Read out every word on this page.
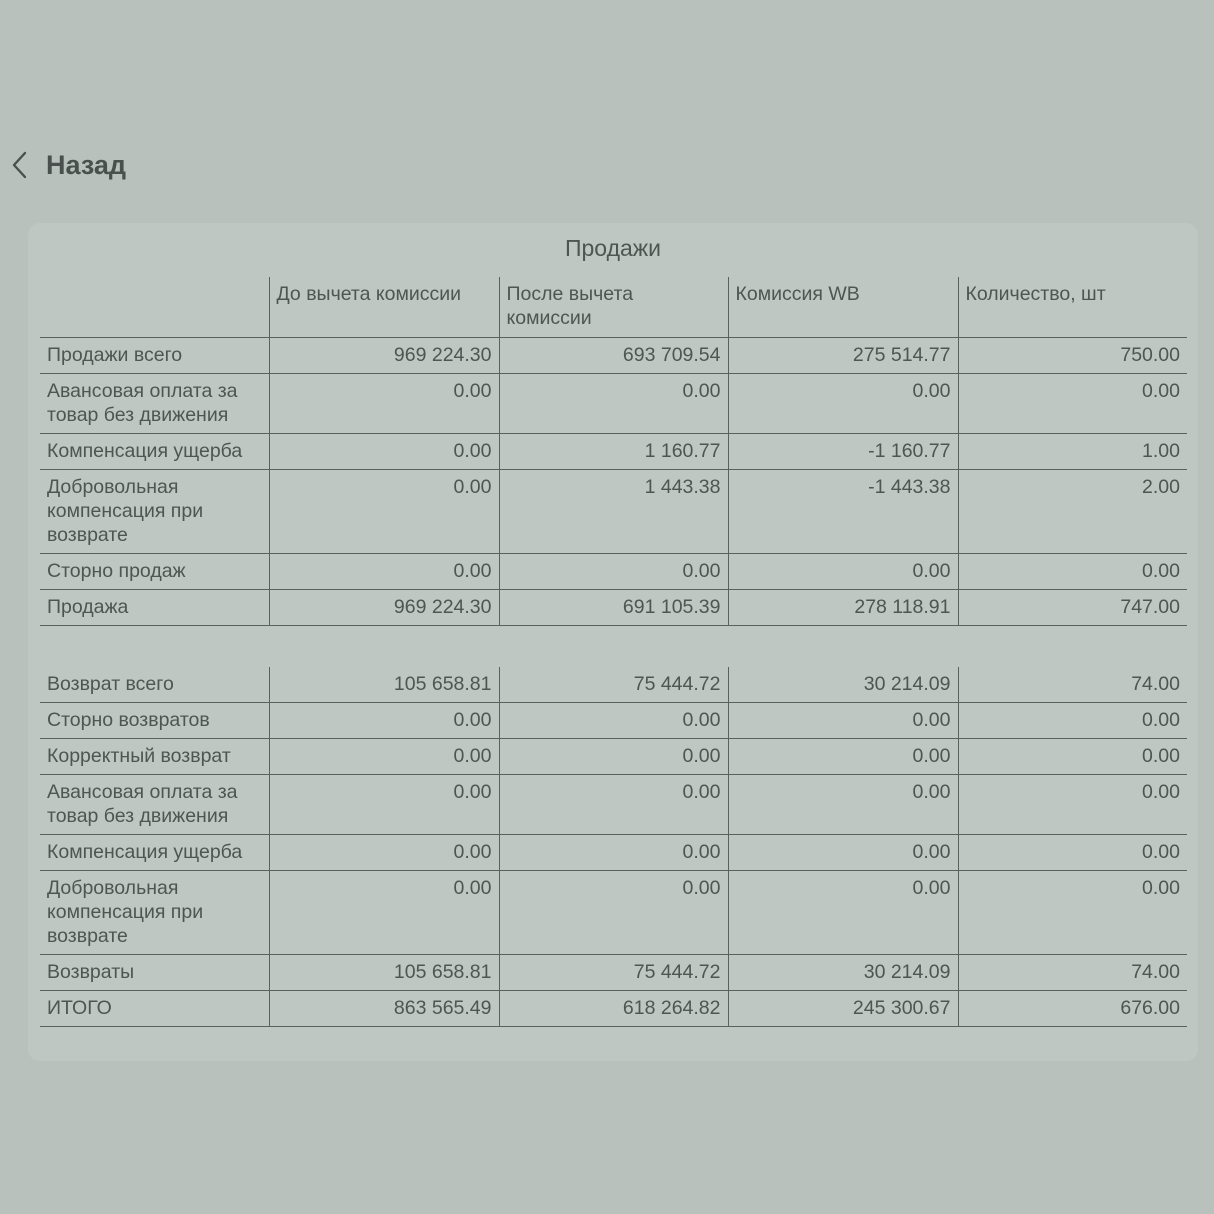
Назад
Продажи
	До вычета комиссии	После вычета комиссии	Комиссия WB	Количество, шт
Продажи всего	969 224.30	693 709.54	275 514.77	750.00
Авансовая оплата за товар без движения	0.00	0.00	0.00	0.00
Компенсация ущерба	0.00	1 160.77	-1 160.77	1.00
Добровольная компенсация при возврате	0.00	1 443.38	-1 443.38	2.00
Сторно продаж	0.00	0.00	0.00	0.00
Продажа	969 224.30	691 105.39	278 118.91	747.00
Возврат всего	105 658.81	75 444.72	30 214.09	74.00
Сторно возвратов	0.00	0.00	0.00	0.00
Корректный возврат	0.00	0.00	0.00	0.00
Авансовая оплата за товар без движения	0.00	0.00	0.00	0.00
Компенсация ущерба	0.00	0.00	0.00	0.00
Добровольная компенсация при возврате	0.00	0.00	0.00	0.00
Возвраты	105 658.81	75 444.72	30 214.09	74.00
ИТОГО	863 565.49	618 264.82	245 300.67	676.00
